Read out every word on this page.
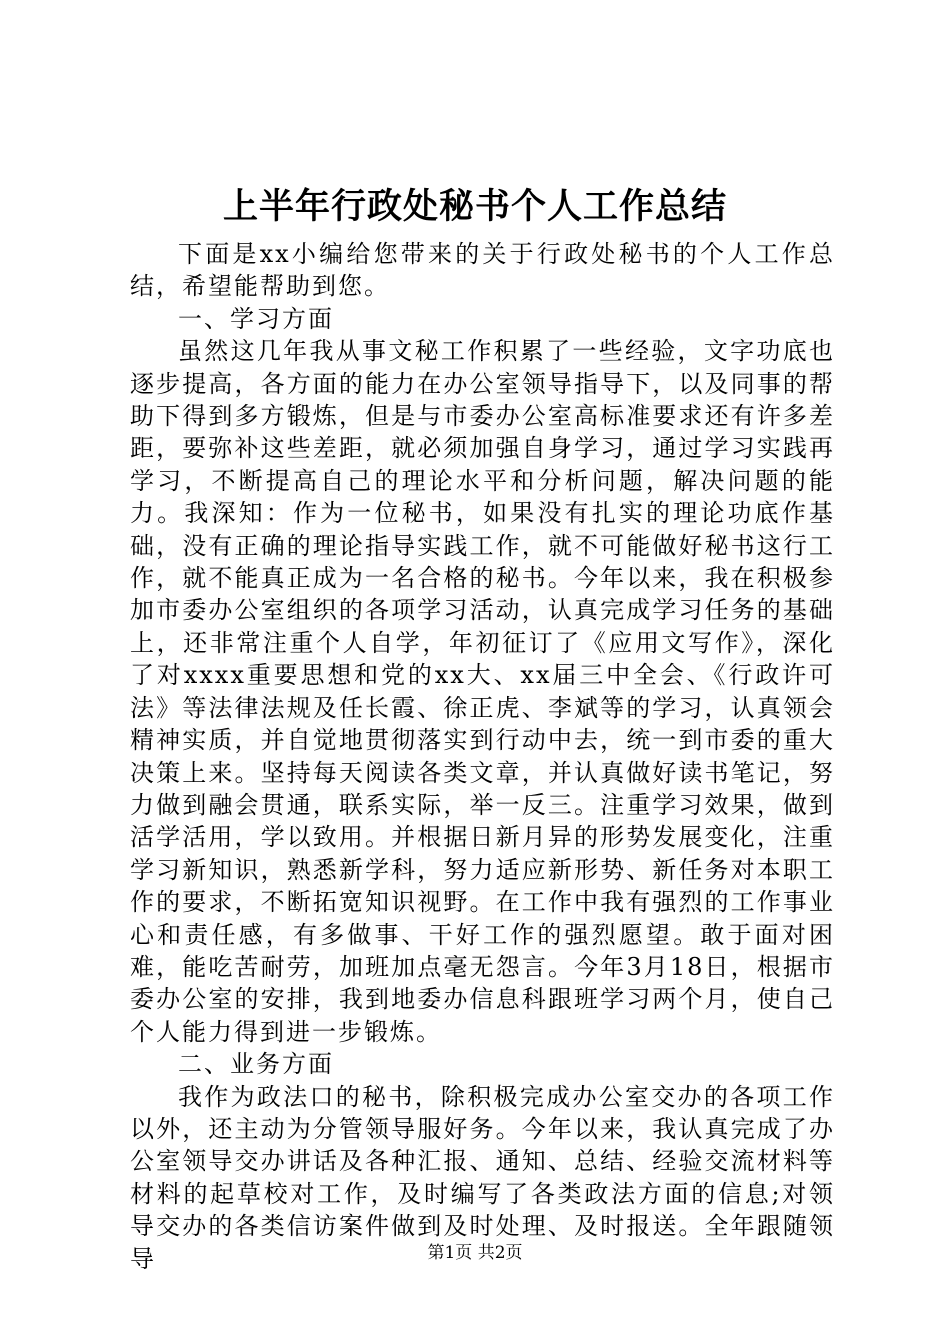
上半年行政处秘书个人工作总结

下面是xx小编给您带来的关于行政处秘书的个人工作总结，希望能帮助到您。

一、学习方面

虽然这几年我从事文秘工作积累了一些经验，文字功底也逐步提高，各方面的能力在办公室领导指导下，以及同事的帮助下得到多方锻炼，但是与市委办公室高标准要求还有许多差距，要弥补这些差距，就必须加强自身学习，通过学习实践再学习，不断提高自己的理论水平和分析问题，解决问题的能力。我深知：作为一位秘书，如果没有扎实的理论功底作基础，没有正确的理论指导实践工作，就不可能做好秘书这行工作，就不能真正成为一名合格的秘书。今年以来，我在积极参加市委办公室组织的各项学习活动，认真完成学习任务的基础上，还非常注重个人自学，年初征订了《应用文写作》，深化了对xxxx重要思想和党的xx大、xx届三中全会、《行政许可法》等法律法规及任长霞、徐正虎、李斌等的学习，认真领会精神实质，并自觉地贯彻落实到行动中去，统一到市委的重大决策上来。坚持每天阅读各类文章，并认真做好读书笔记，努力做到融会贯通，联系实际，举一反三。注重学习效果，做到活学活用，学以致用。并根据日新月异的形势发展变化，注重学习新知识，熟悉新学科，努力适应新形势、新任务对本职工作的要求，不断拓宽知识视野。在工作中我有强烈的工作事业心和责任感，有多做事、干好工作的强烈愿望。敢于面对困难，能吃苦耐劳，加班加点毫无怨言。今年3月18日，根据市委办公室的安排，我到地委办信息科跟班学习两个月，使自己个人能力得到进一步锻炼。

二、业务方面

我作为政法口的秘书，除积极完成办公室交办的各项工作以外，还主动为分管领导服好务。今年以来，我认真完成了办公室领导交办讲话及各种汇报、通知、总结、经验交流材料等材料的起草校对工作，及时编写了各类政法方面的信息;对领导交办的各类信访案件做到及时处理、及时报送。全年跟随领导	第1页 共2页
